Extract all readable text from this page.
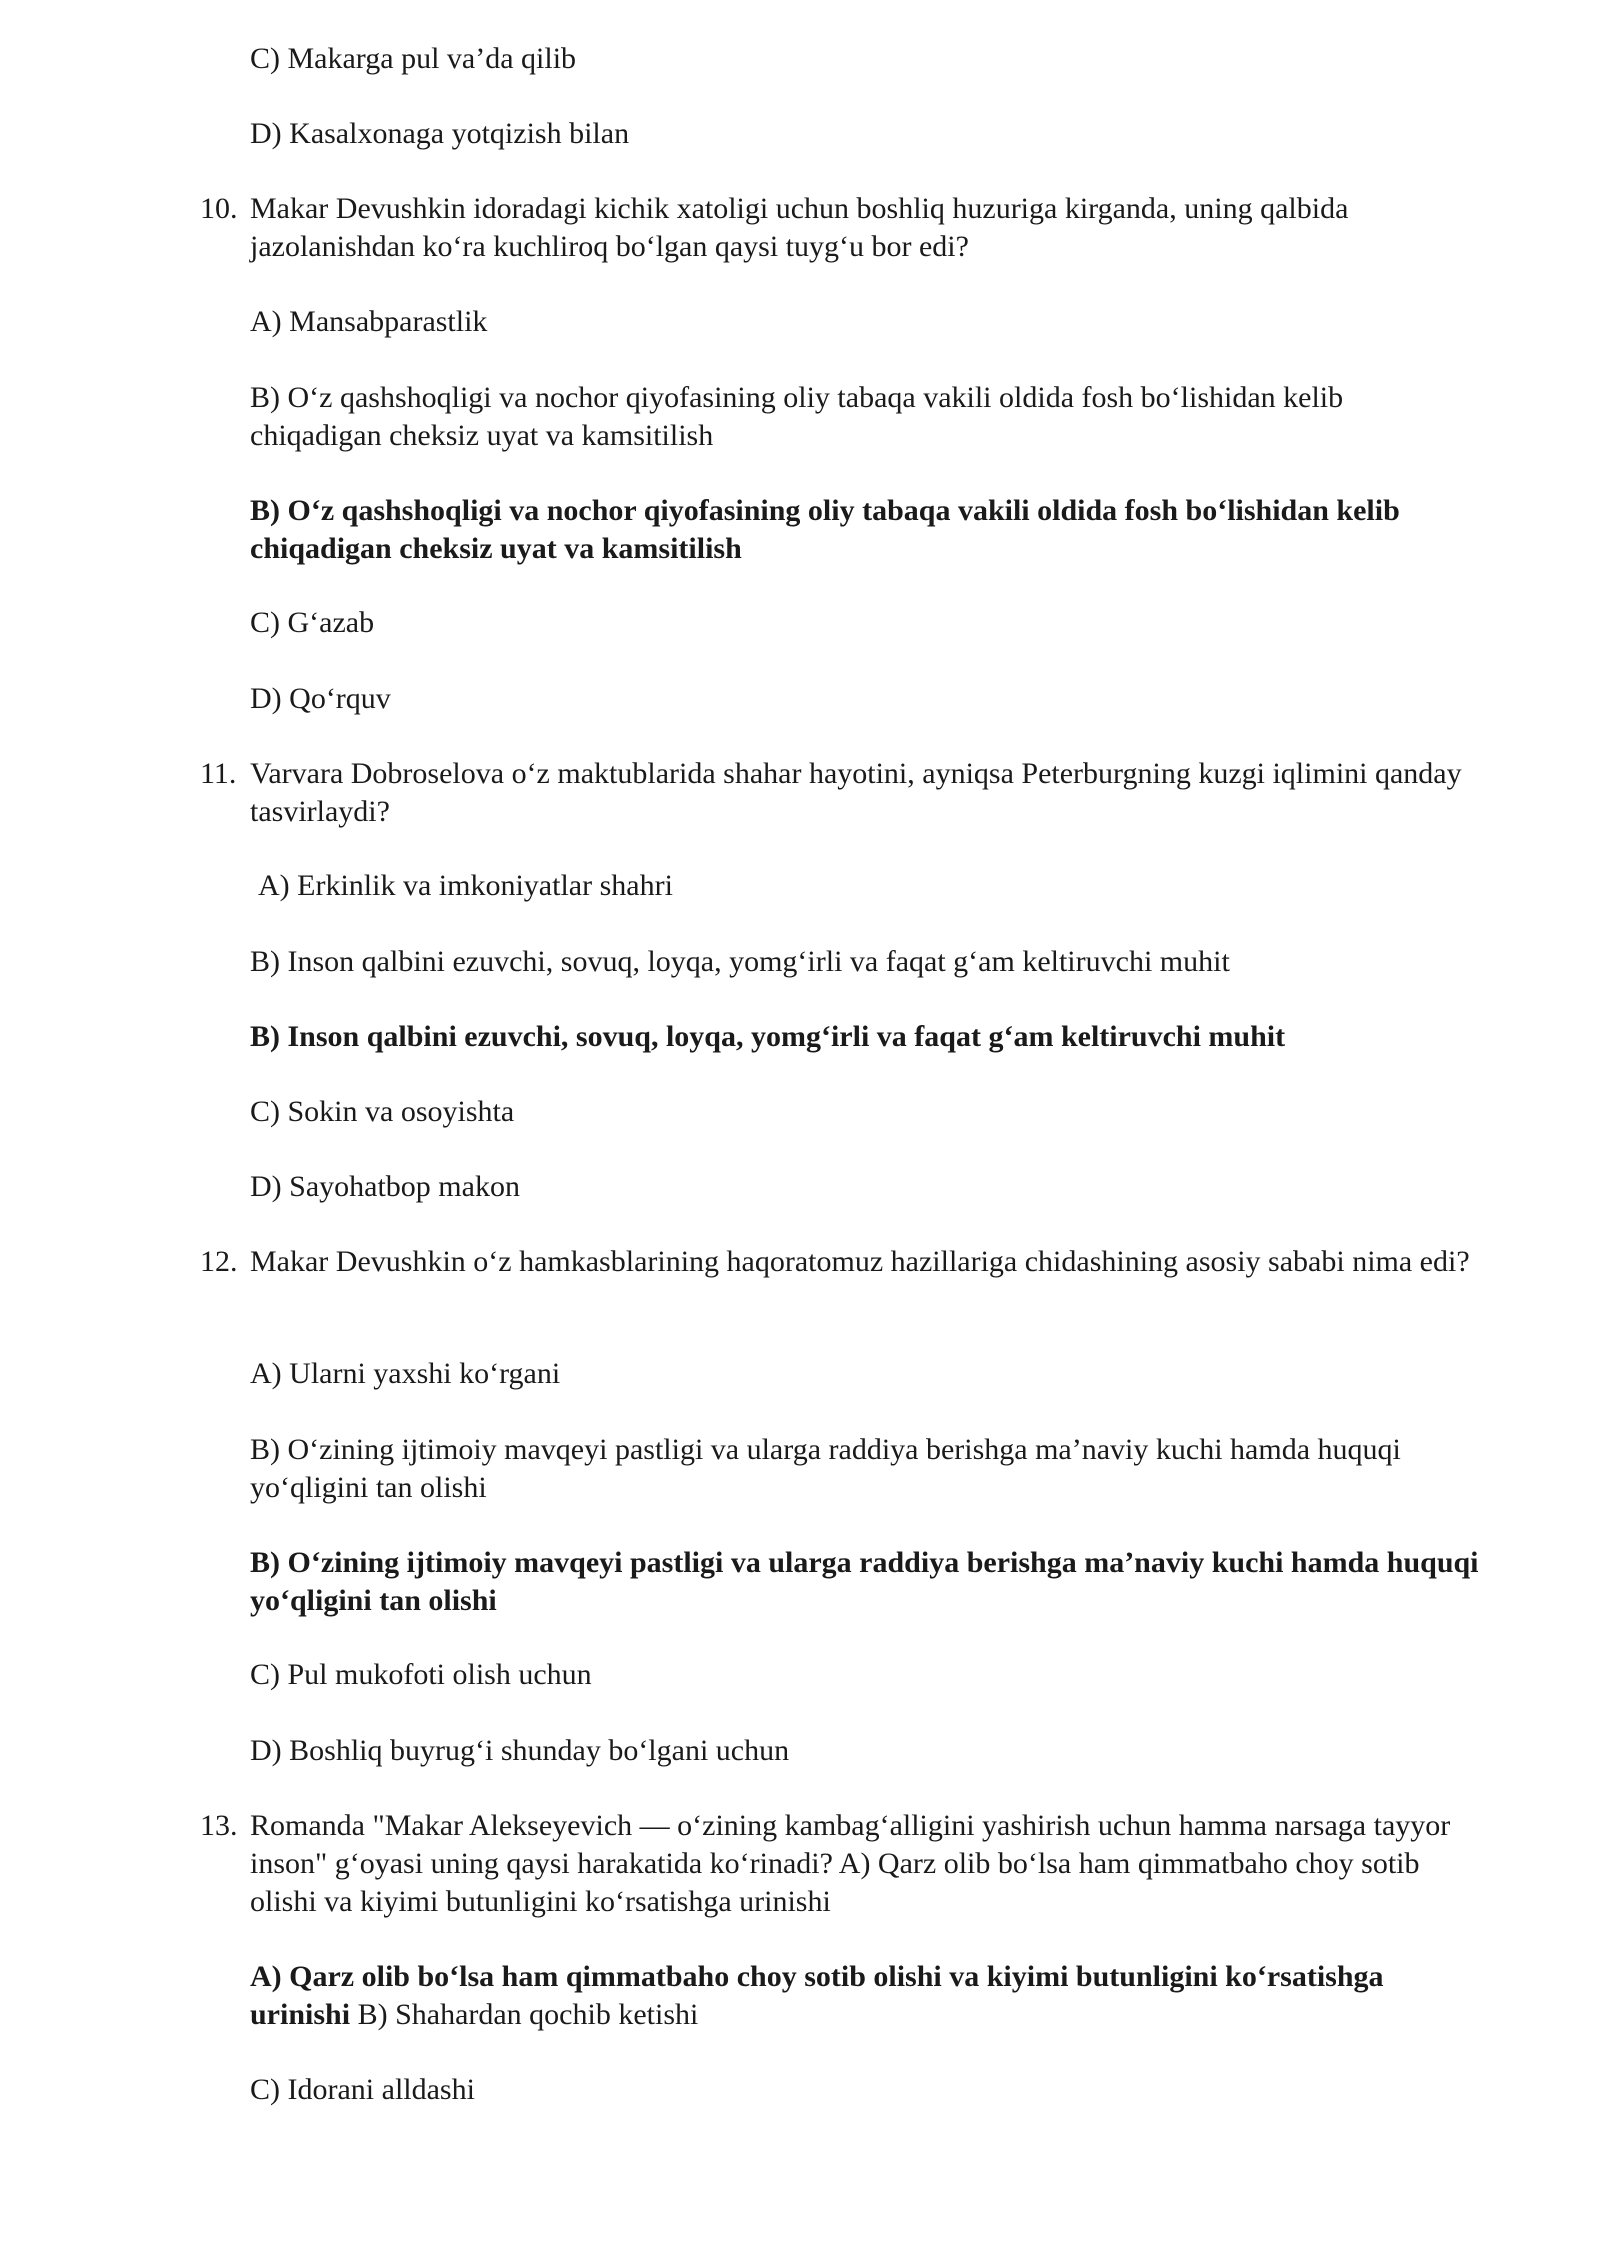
C) Makarga pul va’da qilib

D) Kasalxonaga yotqizish bilan

10. Makar Devushkin idoradagi kichik xatoligi uchun boshliq huzuriga kirganda, uning qalbida jazolanishdan ko‘ra kuchliroq bo‘lgan qaysi tuyg‘u bor edi?

A) Mansabparastlik

B) O‘z qashshoqligi va nochor qiyofasining oliy tabaqa vakili oldida fosh bo‘lishidan kelib chiqadigan cheksiz uyat va kamsitilish

B) O‘z qashshoqligi va nochor qiyofasining oliy tabaqa vakili oldida fosh bo‘lishidan kelib chiqadigan cheksiz uyat va kamsitilish

C) G‘azab

D) Qo‘rquv

11. Varvara Dobroselova o‘z maktublarida shahar hayotini, ayniqsa Peterburgning kuzgi iqlimini qanday tasvirlaydi?

A) Erkinlik va imkoniyatlar shahri

B) Inson qalbini ezuvchi, sovuq, loyqa, yomg‘irli va faqat g‘am keltiruvchi muhit

B) Inson qalbini ezuvchi, sovuq, loyqa, yomg‘irli va faqat g‘am keltiruvchi muhit

C) Sokin va osoyishta

D) Sayohatbop makon

12. Makar Devushkin o‘z hamkasblarining haqoratomuz hazillariga chidashining asosiy sababi nima edi?

A) Ularni yaxshi ko‘rgani

B) O‘zining ijtimoiy mavqeyi pastligi va ularga raddiya berishga ma’naviy kuchi hamda huquqi yo‘qligini tan olishi

B) O‘zining ijtimoiy mavqeyi pastligi va ularga raddiya berishga ma’naviy kuchi hamda huquqi yo‘qligini tan olishi

C) Pul mukofoti olish uchun

D) Boshliq buyrug‘i shunday bo‘lgani uchun

13. Romanda "Makar Alekseyevich — o‘zining kambag‘alligini yashirish uchun hamma narsaga tayyor inson" g‘oyasi uning qaysi harakatida ko‘rinadi? A) Qarz olib bo‘lsa ham qimmatbaho choy sotib olishi va kiyimi butunligini ko‘rsatishga urinishi

A) Qarz olib bo‘lsa ham qimmatbaho choy sotib olishi va kiyimi butunligini ko‘rsatishga urinishi B) Shahardan qochib ketishi

C) Idorani alldashi
